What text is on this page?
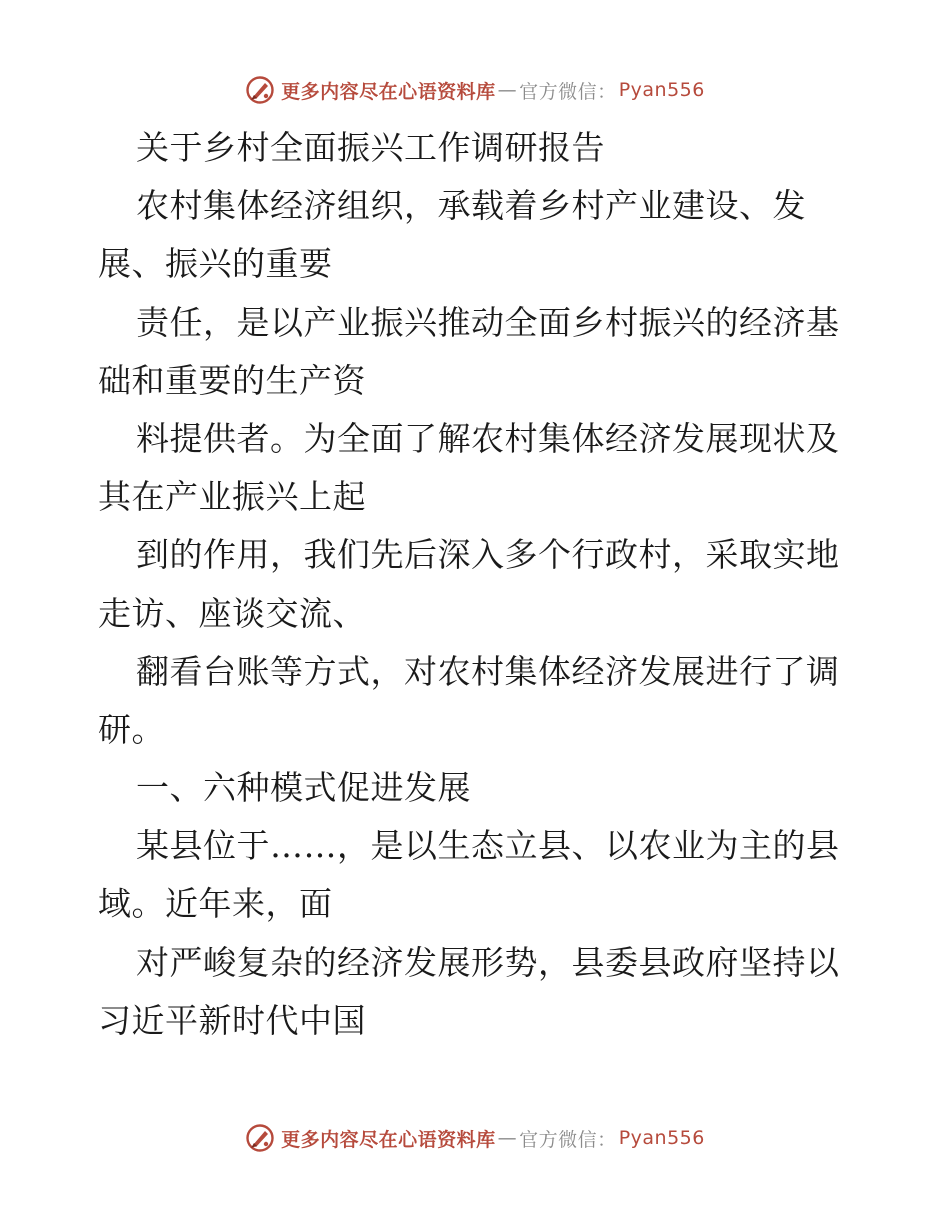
更多内容尽在心语资料库 — 官方微信： Pyan556
关于乡村全面振兴工作调研报告
农村集体经济组织，承载着乡村产业建设、发
展、振兴的重要
责任，是以产业振兴推动全面乡村振兴的经济基
础和重要的生产资
料提供者。为全面了解农村集体经济发展现状及
其在产业振兴上起
到的作用，我们先后深入多个行政村，采取实地
走访、座谈交流、
翻看台账等方式，对农村集体经济发展进行了调
研。
一、六种模式促进发展
某县位于……，是以生态立县、以农业为主的县
域。近年来，面
对严峻复杂的经济发展形势，县委县政府坚持以
习近平新时代中国
更多内容尽在心语资料库 — 官方微信： Pyan556
